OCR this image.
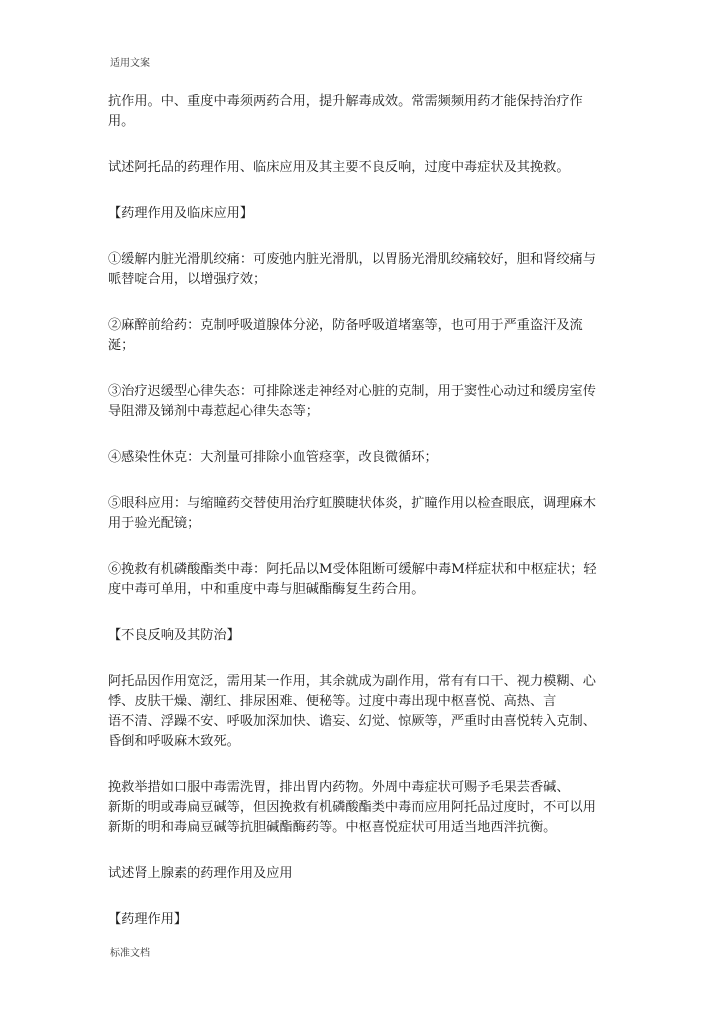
适用文案

抗作用。中、重度中毒须两药合用，提升解毒成效。常需频频用药才能保持治疗作用。

试述阿托品的药理作用、临床应用及其主要不良反响，过度中毒症状及其挽救。

【药理作用及临床应用】

①缓解内脏光滑肌绞痛：可废弛内脏光滑肌，以胃肠光滑肌绞痛较好，胆和肾绞痛与哌替啶合用，以增强疗效；

②麻醉前给药：克制呼吸道腺体分泌，防备呼吸道堵塞等，也可用于严重盗汗及流涎；

③治疗迟缓型心律失态：可排除迷走神经对心脏的克制，用于窦性心动过和缓房室传导阻滞及锑剂中毒惹起心律失态等；

④感染性休克：大剂量可排除小血管痉挛，改良微循环；

⑤眼科应用：与缩瞳药交替使用治疗虹膜睫状体炎，扩瞳作用以检查眼底，调理麻木用于验光配镜；

⑥挽救有机磷酸酯类中毒：阿托品以M受体阻断可缓解中毒M样症状和中枢症状；轻度中毒可单用，中和重度中毒与胆碱酯酶复生药合用。

【不良反响及其防治】

阿托品因作用宽泛，需用某一作用，其余就成为副作用，常有有口干、视力模糊、心悸、皮肤干燥、潮红、排尿困难、便秘等。过度中毒出现中枢喜悦、高热、言

语不清、浮躁不安、呼吸加深加快、谵妄、幻觉、惊厥等，严重时由喜悦转入克制、昏倒和呼吸麻木致死。

挽救举措如口服中毒需洗胃，排出胃内药物。外周中毒症状可赐予毛果芸香碱、

新斯的明或毒扁豆碱等，但因挽救有机磷酸酯类中毒而应用阿托品过度时，不可以用新斯的明和毒扁豆碱等抗胆碱酯酶药等。中枢喜悦症状可用适当地西泮抗衡。

试述肾上腺素的药理作用及应用

【药理作用】

标准文档
